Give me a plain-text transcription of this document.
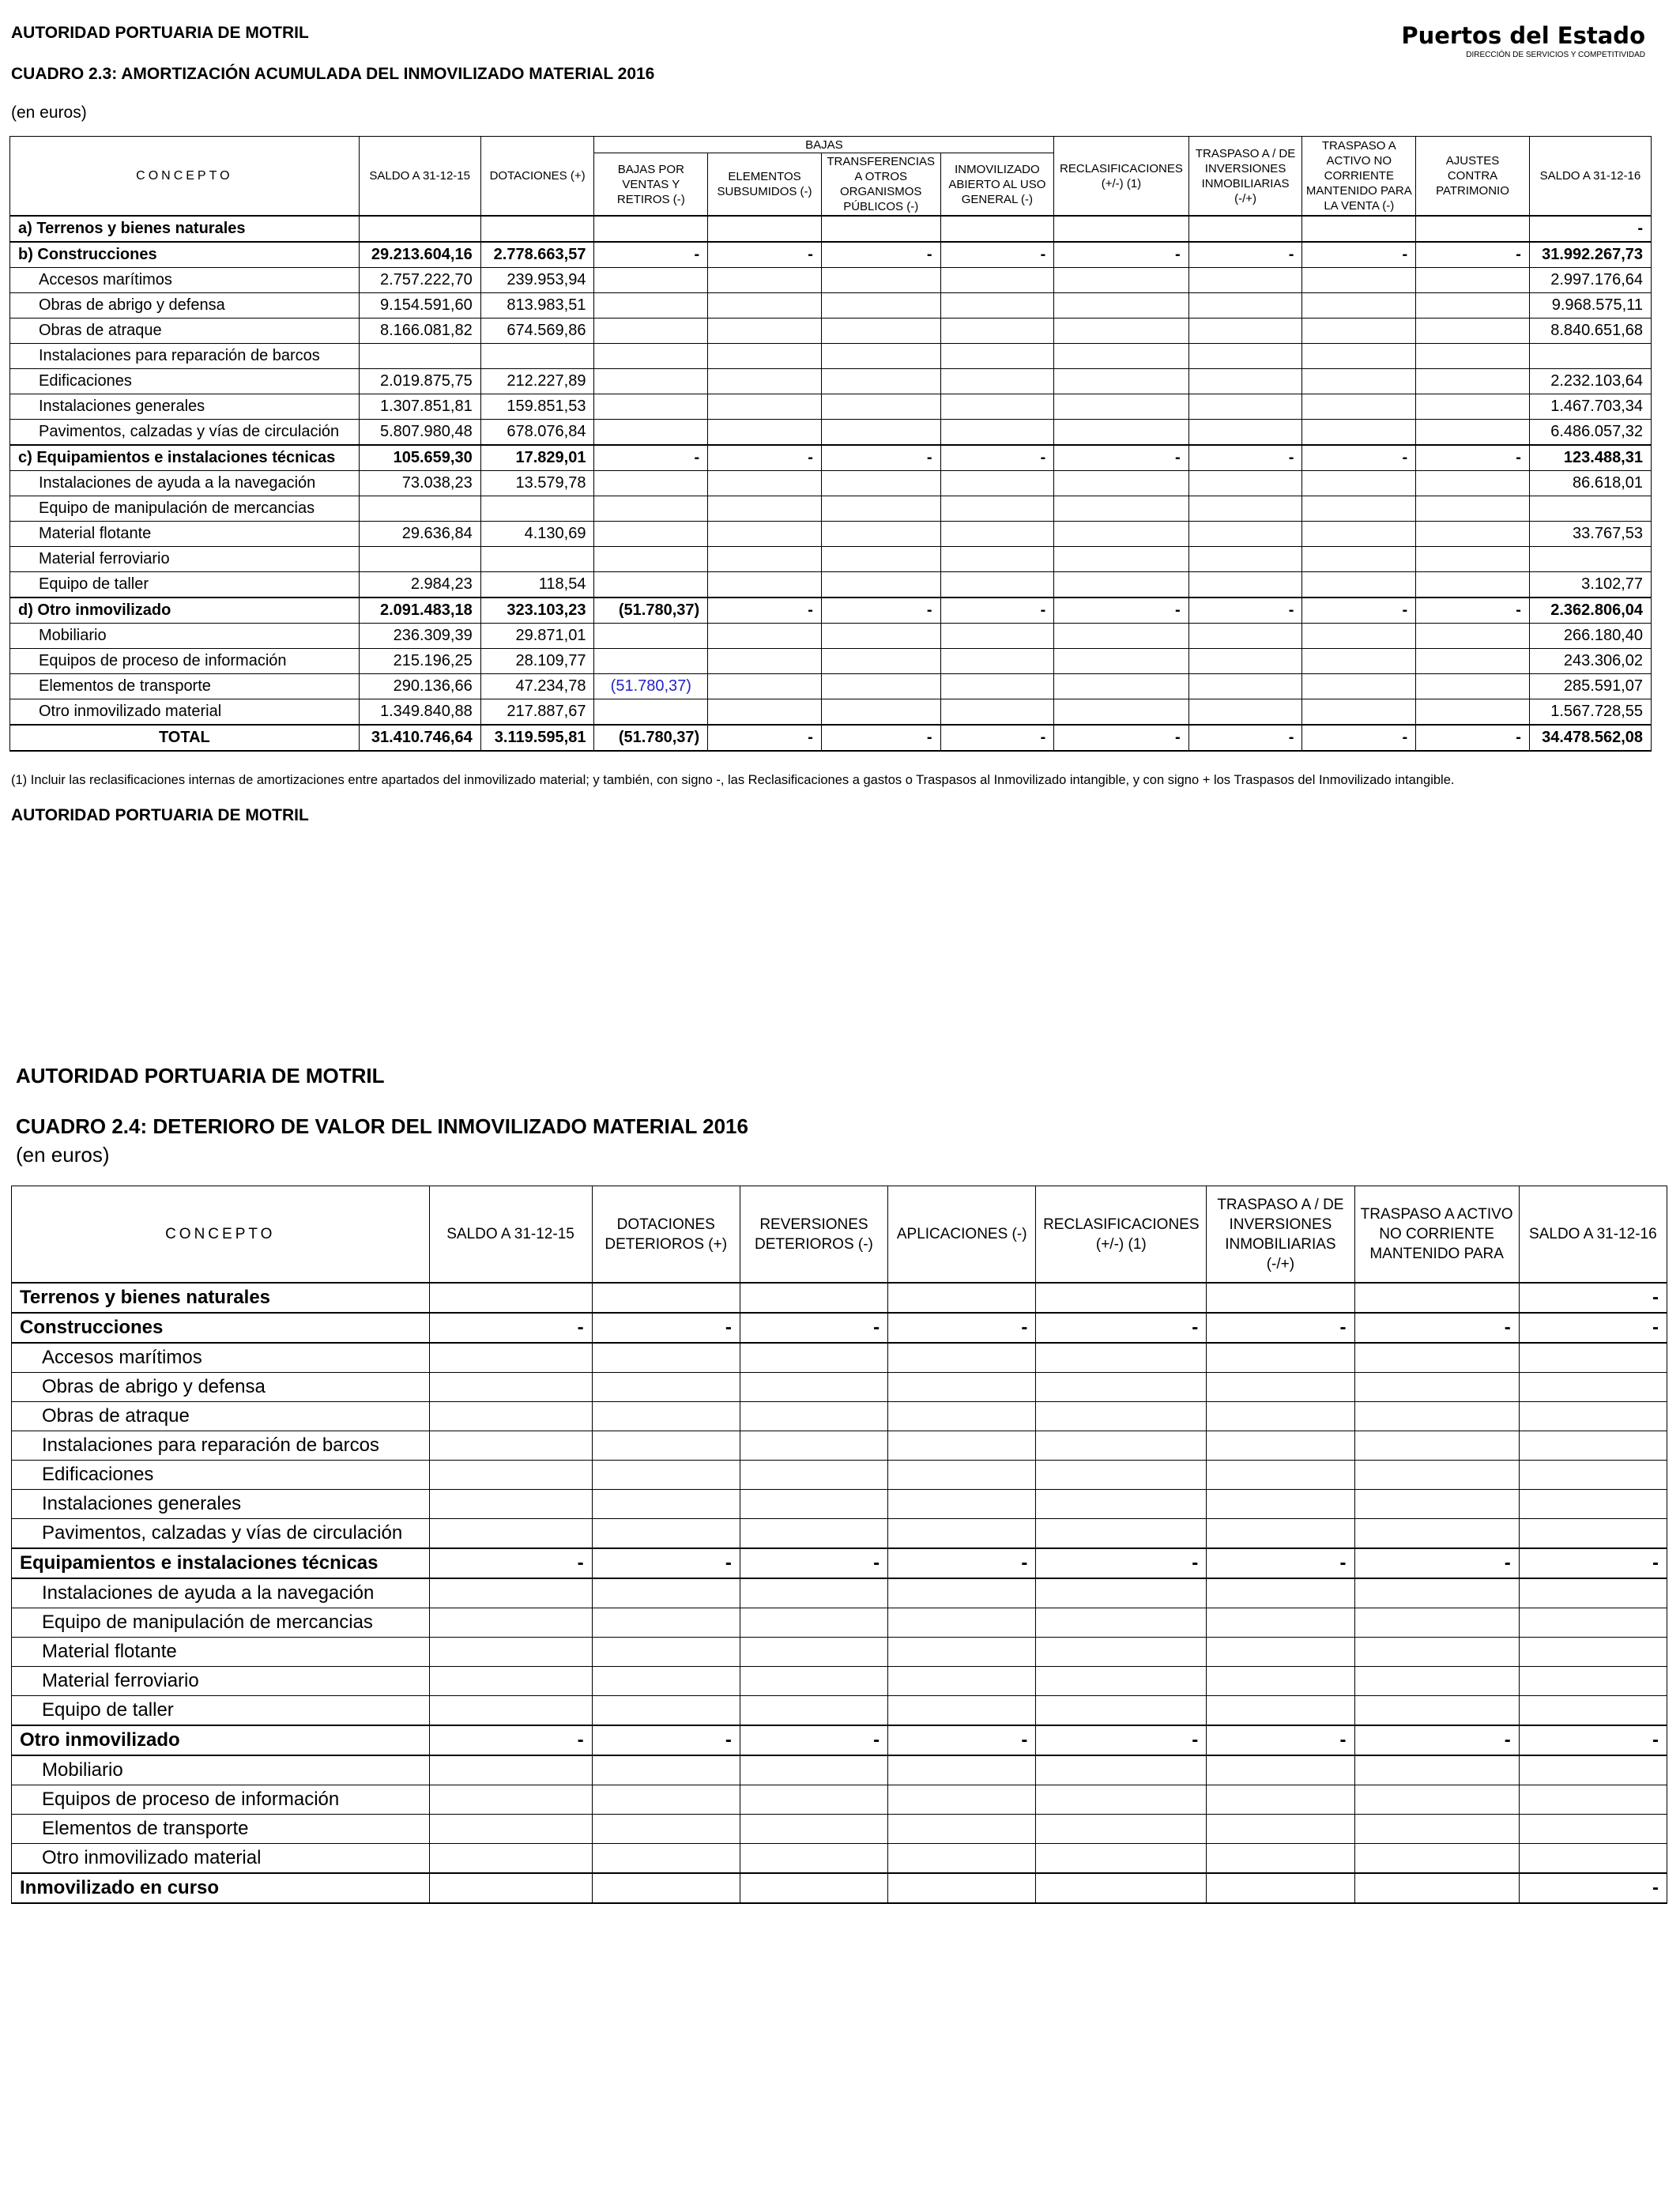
AUTORIDAD PORTUARIA DE MOTRIL
CUADRO 2.3: AMORTIZACIÓN ACUMULADA DEL INMOVILIZADO MATERIAL 2016
(en euros)
Puertos del Estado
DIRECCIÓN DE SERVICIOS Y COMPETITIVIDAD
CONCEPTO	SALDO A 31-12-15	DOTACIONES (+)	BAJAS				RECLASIFICACIONES (+/-) (1)	TRASPASO A / DE INVERSIONES INMOBILIARIAS (-/+)	TRASPASO A ACTIVO NO CORRIENTE MANTENIDO PARA LA VENTA (-)	AJUSTES CONTRA PATRIMONIO	SALDO A 31-12-16
			BAJAS POR VENTAS Y RETIROS (-)	ELEMENTOS SUBSUMIDOS (-)	TRANSFERENCIAS A OTROS ORGANISMOS PÚBLICOS (-)	INMOVILIZADO ABIERTO AL USO GENERAL (-)					
a) Terrenos y bienes naturales											-
b) Construcciones	29.213.604,16	2.778.663,57	-	-	-	-	-	-	-	-	31.992.267,73
Accesos marítimos	2.757.222,70	239.953,94									2.997.176,64
Obras de abrigo y defensa	9.154.591,60	813.983,51									9.968.575,11
Obras de atraque	8.166.081,82	674.569,86									8.840.651,68
Instalaciones para reparación de barcos											
Edificaciones	2.019.875,75	212.227,89									2.232.103,64
Instalaciones generales	1.307.851,81	159.851,53									1.467.703,34
Pavimentos, calzadas y vías de circulación	5.807.980,48	678.076,84									6.486.057,32
c) Equipamientos e instalaciones técnicas	105.659,30	17.829,01	-	-	-	-	-	-	-	-	123.488,31
Instalaciones de ayuda a la navegación	73.038,23	13.579,78									86.618,01
Equipo de manipulación de mercancias											
Material flotante	29.636,84	4.130,69									33.767,53
Material ferroviario											
Equipo de taller	2.984,23	118,54									3.102,77
d) Otro inmovilizado	2.091.483,18	323.103,23	(51.780,37)	-	-	-	-	-	-	-	2.362.806,04
Mobiliario	236.309,39	29.871,01									266.180,40
Equipos de proceso de información	215.196,25	28.109,77									243.306,02
Elementos de transporte	290.136,66	47.234,78	(51.780,37)								285.591,07
Otro inmovilizado material	1.349.840,88	217.887,67									1.567.728,55
TOTAL	31.410.746,64	3.119.595,81	(51.780,37)	-	-	-	-	-	-	-	34.478.562,08
(1) Incluir las reclasificaciones internas de amortizaciones entre apartados del inmovilizado material; y también, con signo -, las Reclasificaciones a gastos o Traspasos al Inmovilizado intangible, y con signo + los Traspasos del Inmovilizado intangible.
AUTORIDAD PORTUARIA DE MOTRIL
AUTORIDAD PORTUARIA DE MOTRIL
CUADRO 2.4: DETERIORO DE VALOR DEL INMOVILIZADO MATERIAL 2016
(en euros)
CONCEPTO	SALDO A 31-12-15	DOTACIONES DETERIOROS (+)	REVERSIONES DETERIOROS (-)	APLICACIONES (-)	RECLASIFICACIONES (+/-) (1)	TRASPASO A / DE INVERSIONES INMOBILIARIAS (-/+)	TRASPASO A ACTIVO NO CORRIENTE MANTENIDO PARA	SALDO A 31-12-16
Terrenos y bienes naturales								-
Construcciones	-	-	-	-	-	-	-	-
Accesos marítimos								
Obras de abrigo y defensa								
Obras de atraque								
Instalaciones para reparación de barcos								
Edificaciones								
Instalaciones generales								
Pavimentos, calzadas y vías de circulación								
Equipamientos e instalaciones técnicas	-	-	-	-	-	-	-	-
Instalaciones de ayuda a la navegación								
Equipo de manipulación de mercancias								
Material flotante								
Material ferroviario								
Equipo de taller								
Otro inmovilizado	-	-	-	-	-	-	-	-
Mobiliario								
Equipos de proceso de información								
Elementos de transporte								
Otro inmovilizado material								
Inmovilizado en curso								-
